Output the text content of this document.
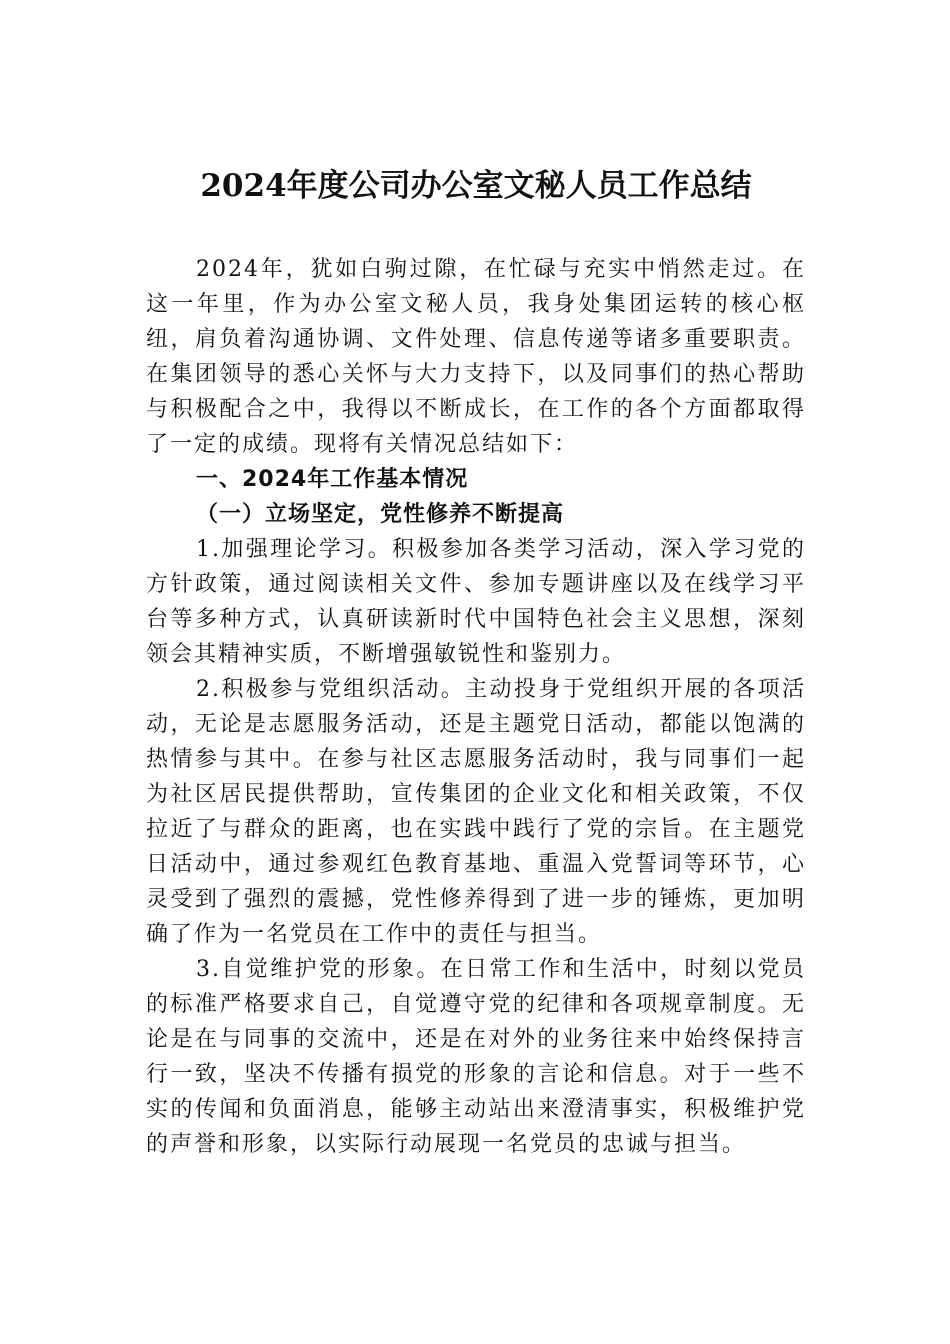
2024年度公司办公室文秘人员工作总结

2024年，犹如白驹过隙，在忙碌与充实中悄然走过。在这一年里，作为办公室文秘人员，我身处集团运转的核心枢纽，肩负着沟通协调、文件处理、信息传递等诸多重要职责。在集团领导的悉心关怀与大力支持下，以及同事们的热心帮助与积极配合之中，我得以不断成长，在工作的各个方面都取得了一定的成绩。现将有关情况总结如下：

一、2024年工作基本情况

（一）立场坚定，党性修养不断提高

1.加强理论学习。积极参加各类学习活动，深入学习党的方针政策，通过阅读相关文件、参加专题讲座以及在线学习平台等多种方式，认真研读新时代中国特色社会主义思想，深刻领会其精神实质，不断增强敏锐性和鉴别力。

2.积极参与党组织活动。主动投身于党组织开展的各项活动，无论是志愿服务活动，还是主题党日活动，都能以饱满的热情参与其中。在参与社区志愿服务活动时，我与同事们一起为社区居民提供帮助，宣传集团的企业文化和相关政策，不仅拉近了与群众的距离，也在实践中践行了党的宗旨。在主题党日活动中，通过参观红色教育基地、重温入党誓词等环节，心灵受到了强烈的震撼，党性修养得到了进一步的锤炼，更加明确了作为一名党员在工作中的责任与担当。

3.自觉维护党的形象。在日常工作和生活中，时刻以党员的标准严格要求自己，自觉遵守党的纪律和各项规章制度。无论是在与同事的交流中，还是在对外的业务往来中始终保持言行一致，坚决不传播有损党的形象的言论和信息。对于一些不实的传闻和负面消息，能够主动站出来澄清事实，积极维护党的声誉和形象，以实际行动展现一名党员的忠诚与担当。
